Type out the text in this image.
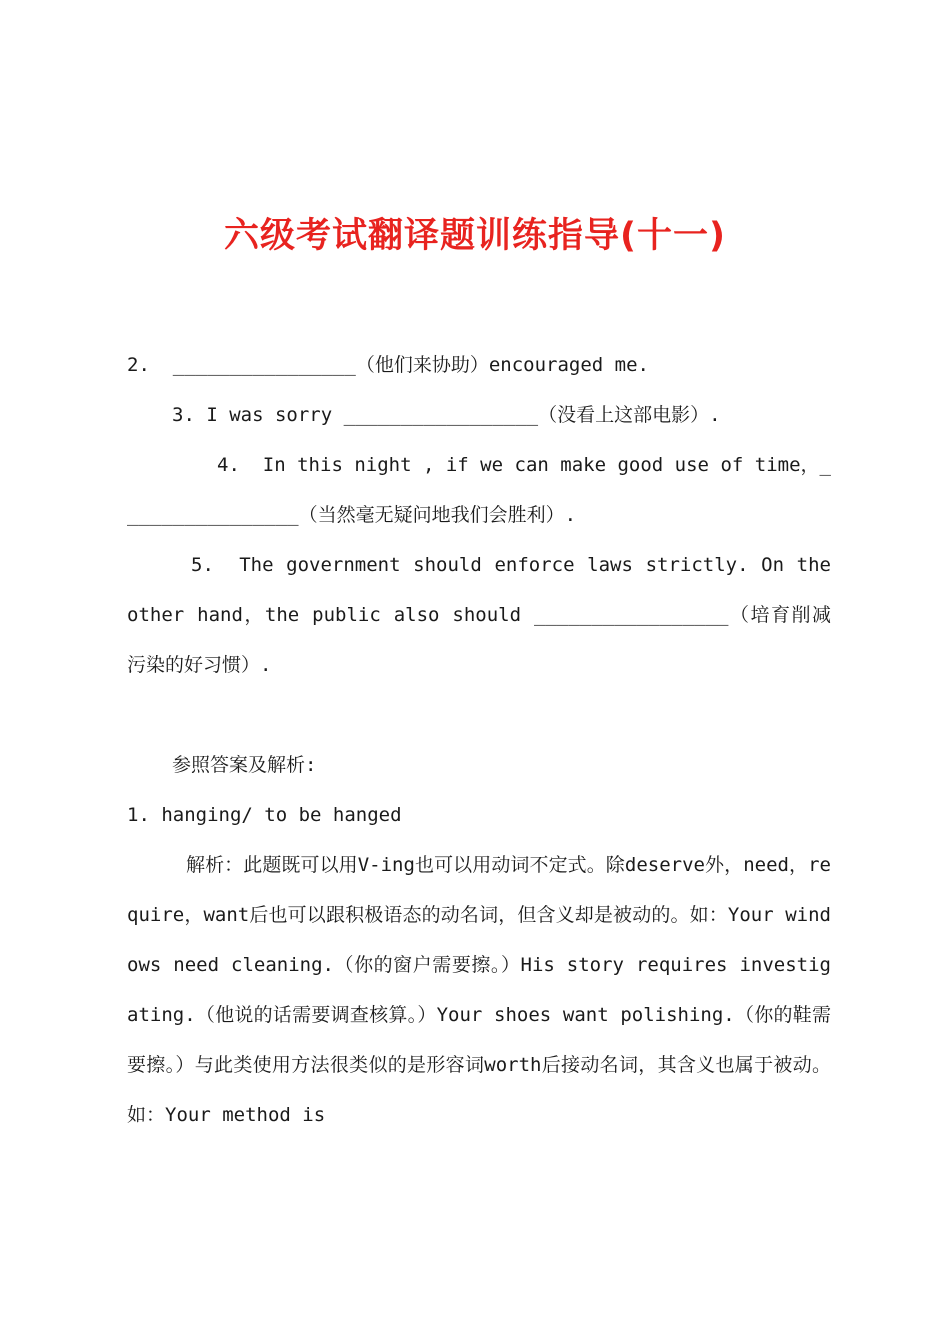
六级考试翻译题训练指导(十一)

2. ________________（他们来协助）encouraged me.

3. I was sorry _________________（没看上这部电影）.

4. In this night , if we can make good use of time，________________（当然毫无疑问地我们会胜利）.

5. The government should enforce laws strictly. On the other hand，the public also should _________________（培育削减污染的好习惯）.

参照答案及解析:

1. hanging/ to be hanged

解析：此题既可以用V-ing也可以用动词不定式。除deserve外，need，require，want后也可以跟积极语态的动名词，但含义却是被动的。如：Your windows need cleaning.（你的窗户需要擦。）His story requires investigating.（他说的话需要调查核算。）Your shoes want polishing.（你的鞋需要擦。）与此类使用方法很类似的是形容词worth后接动名词，其含义也属于被动。如：Your method is
